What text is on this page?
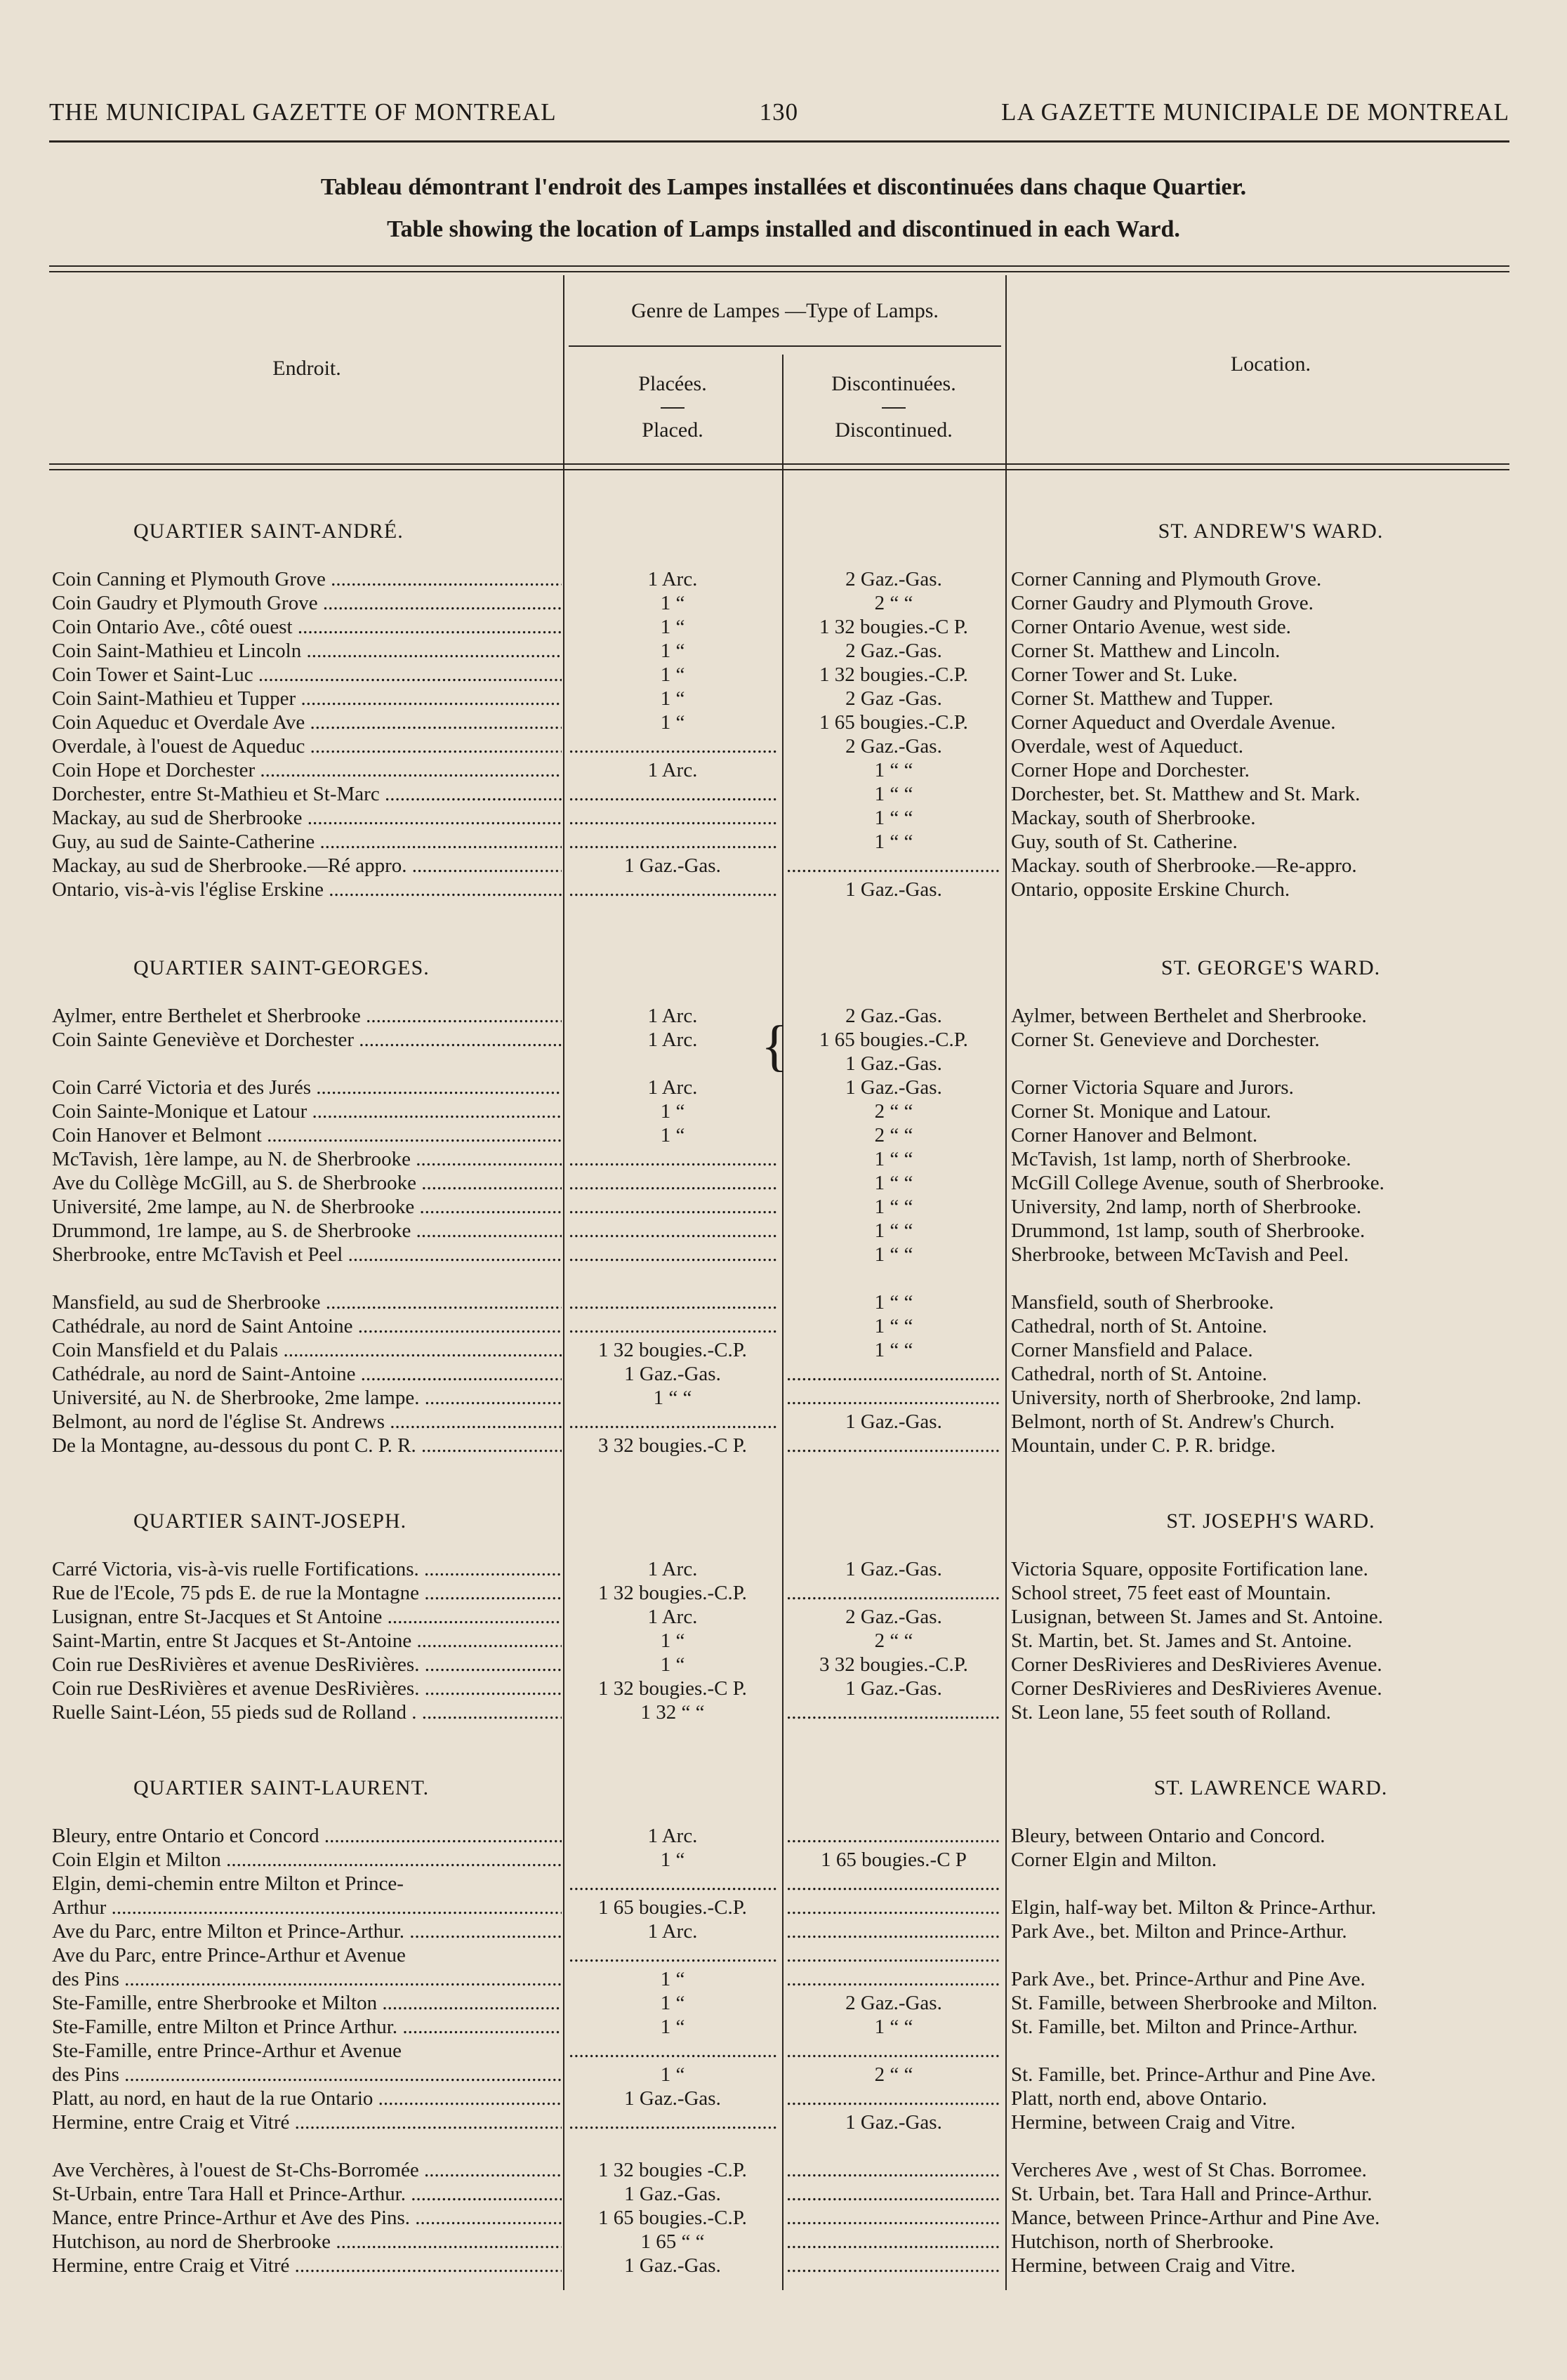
THE MUNICIPAL GAZETTE OF MONTREAL	130	LA GAZETTE MUNICIPALE DE MONTREAL
Tableau démontrant l'endroit des Lampes installées et discontinuées dans chaque Quartier.
Table showing the location of Lamps installed and discontinued in each Ward.
Endroit.
Genre de Lampes —Type of Lamps.
Placées.
Placed.
Discontinuées.
Discontinued.
Location.
QUARTIER SAINT-ANDRÉ.	ST. ANDREW'S WARD.
Coin Canning et Plymouth Grove .....	1 Arc.	2 Gaz.-Gas.	Corner Canning and Plymouth Grove.
Coin Gaudry et Plymouth Grove .....	1 “	2 “ “	Corner Gaudry and Plymouth Grove.
Coin Ontario Ave., côté ouest .....	1 “	1 32 bougies.-C P.	Corner Ontario Avenue, west side.
Coin Saint-Mathieu et Lincoln .....	1 “	2 Gaz.-Gas.	Corner St. Matthew and Lincoln.
Coin Tower et Saint-Luc .....	1 “	1 32 bougies.-C.P.	Corner Tower and St. Luke.
Coin Saint-Mathieu et Tupper .....	1 “	2 Gaz -Gas.	Corner St. Matthew and Tupper.
Coin Aqueduc et Overdale Ave .....	1 “	1 65 bougies.-C.P.	Corner Aqueduct and Overdale Avenue.
Overdale, à l'ouest de Aqueduc ..... .....	2 Gaz.-Gas.	Overdale, west of Aqueduct.
Coin Hope et Dorchester .....	1 Arc.	1 “ “	Corner Hope and Dorchester.
Dorchester, entre St-Mathieu et St-Marc ..... .....	1 “ “	Dorchester, bet. St. Matthew and St. Mark.
Mackay, au sud de Sherbrooke ..... .....	1 “ “	Mackay, south of Sherbrooke.
Guy, au sud de Sainte-Catherine ..... .....	1 “ “	Guy, south of St. Catherine.
Mackay, au sud de Sherbrooke.—Ré appro. .....	1 Gaz.-Gas. .....	Mackay. south of Sherbrooke.—Re-appro.
Ontario, vis-à-vis l'église Erskine ..... .....	1 Gaz.-Gas.	Ontario, opposite Erskine Church.
QUARTIER SAINT-GEORGES.	ST. GEORGE'S WARD.
Aylmer, entre Berthelet et Sherbrooke .....	1 Arc.	2 Gaz.-Gas.	Aylmer, between Berthelet and Sherbrooke.
Coin Sainte Geneviève et Dorchester .....	1 Arc.	1 65 bougies.-C.P.	Corner St. Genevieve and Dorchester.
1 Gaz.-Gas.
Coin Carré Victoria et des Jurés .....	1 Arc.	1 Gaz.-Gas.	Corner Victoria Square and Jurors.
Coin Sainte-Monique et Latour .....	1 “	2 “ “	Corner St. Monique and Latour.
Coin Hanover et Belmont .....	1 “	2 “ “	Corner Hanover and Belmont.
McTavish, 1ère lampe, au N. de Sherbrooke ..... .....	1 “ “	McTavish, 1st lamp, north of Sherbrooke.
Ave du Collège McGill, au S. de Sherbrooke ..... .....	1 “ “	McGill College Avenue, south of Sherbrooke.
Université, 2me lampe, au N. de Sherbrooke ..... .....	1 “ “	University, 2nd lamp, north of Sherbrooke.
Drummond, 1re lampe, au S. de Sherbrooke ..... .....	1 “ “	Drummond, 1st lamp, south of Sherbrooke.
Sherbrooke, entre McTavish et Peel ..... .....	1 “ “	Sherbrooke, between McTavish and Peel.
Mansfield, au sud de Sherbrooke ..... .....	1 “ “	Mansfield, south of Sherbrooke.
Cathédrale, au nord de Saint Antoine ..... .....	1 “ “	Cathedral, north of St. Antoine.
Coin Mansfield et du Palais .....	1 32 bougies.-C.P.	1 “ “	Corner Mansfield and Palace.
Cathédrale, au nord de Saint-Antoine .....	1 Gaz.-Gas. .....	Cathedral, north of St. Antoine.
Université, au N. de Sherbrooke, 2me lampe. .....	1 “ “ .....	University, north of Sherbrooke, 2nd lamp.
Belmont, au nord de l'église St. Andrews ..... .....	1 Gaz.-Gas.	Belmont, north of St. Andrew's Church.
De la Montagne, au-dessous du pont C. P. R. .....	3 32 bougies.-C P. .....	Mountain, under C. P. R. bridge.
QUARTIER SAINT-JOSEPH.	ST. JOSEPH'S WARD.
Carré Victoria, vis-à-vis ruelle Fortifications. .....	1 Arc.	1 Gaz.-Gas.	Victoria Square, opposite Fortification lane.
Rue de l'Ecole, 75 pds E. de rue la Montagne .....	1 32 bougies.-C.P. .....	School street, 75 feet east of Mountain.
Lusignan, entre St-Jacques et St Antoine .....	1 Arc.	2 Gaz.-Gas.	Lusignan, between St. James and St. Antoine.
Saint-Martin, entre St Jacques et St-Antoine .....	1 “	2 “ “	St. Martin, bet. St. James and St. Antoine.
Coin rue DesRivières et avenue DesRivières. .....	1 “	3 32 bougies.-C.P.	Corner DesRivieres and DesRivieres Avenue.
Coin rue DesRivières et avenue DesRivières. .....	1 32 bougies.-C P.	1 Gaz.-Gas.	Corner DesRivieres and DesRivieres Avenue.
Ruelle Saint-Léon, 55 pieds sud de Rolland . .....	1 32 “ “ .....	St. Leon lane, 55 feet south of Rolland.
QUARTIER SAINT-LAURENT.	ST. LAWRENCE WARD.
Bleury, entre Ontario et Concord .....	1 Arc. .....	Bleury, between Ontario and Concord.
Coin Elgin et Milton .....	1 “	1 65 bougies.-C P	Corner Elgin and Milton.
Elgin, demi-chemin entre Milton et Prince-
.....
.....
Arthur .....	1 65 bougies.-C.P. .....	Elgin, half-way bet. Milton & Prince-Arthur.
Ave du Parc, entre Milton et Prince-Arthur. .....	1 Arc. .....	Park Ave., bet. Milton and Prince-Arthur.
Ave du Parc, entre Prince-Arthur et Avenue
.....
.....
des Pins .....	1 “ .....	Park Ave., bet. Prince-Arthur and Pine Ave.
Ste-Famille, entre Sherbrooke et Milton .....	1 “	2 Gaz.-Gas.	St. Famille, between Sherbrooke and Milton.
Ste-Famille, entre Milton et Prince Arthur. .....	1 “	1 “ “	St. Famille, bet. Milton and Prince-Arthur.
Ste-Famille, entre Prince-Arthur et Avenue
.....
.....
des Pins .....	1 “	2 “ “	St. Famille, bet. Prince-Arthur and Pine Ave.
Platt, au nord, en haut de la rue Ontario .....	1 Gaz.-Gas. .....	Platt, north end, above Ontario.
Hermine, entre Craig et Vitré ..... .....	1 Gaz.-Gas.	Hermine, between Craig and Vitre.
Ave Verchères, à l'ouest de St-Chs-Borromée .....	1 32 bougies -C.P. .....	Vercheres Ave , west of St Chas. Borromee.
St-Urbain, entre Tara Hall et Prince-Arthur. .....	1 Gaz.-Gas. .....	St. Urbain, bet. Tara Hall and Prince-Arthur.
Mance, entre Prince-Arthur et Ave des Pins. .....	1 65 bougies.-C.P. .....	Mance, between Prince-Arthur and Pine Ave.
Hutchison, au nord de Sherbrooke .....	1 65 “ “ .....	Hutchison, north of Sherbrooke.
Hermine, entre Craig et Vitré .....	1 Gaz.-Gas. .....	Hermine, between Craig and Vitre.
{
